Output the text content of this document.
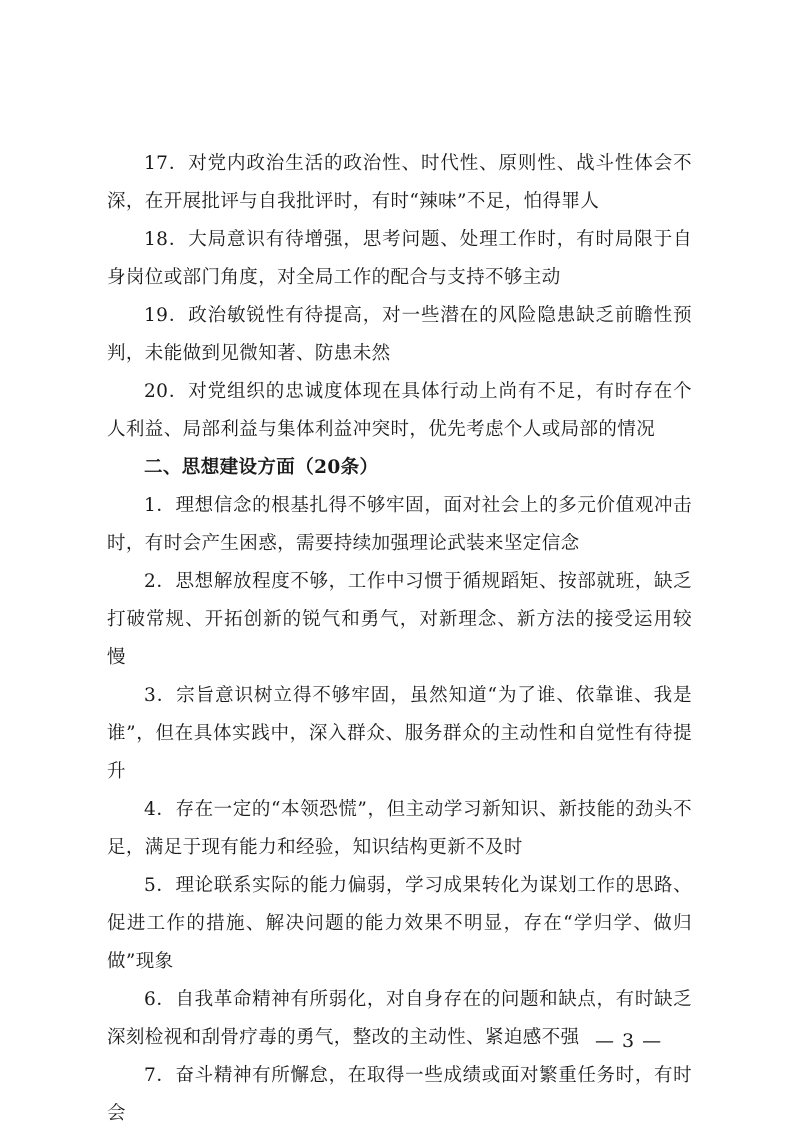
17．对党内政治生活的政治性、时代性、原则性、战斗性体会不深，在开展批评与自我批评时，有时“辣味”不足，怕得罪人

18．大局意识有待增强，思考问题、处理工作时，有时局限于自身岗位或部门角度，对全局工作的配合与支持不够主动

19．政治敏锐性有待提高，对一些潜在的风险隐患缺乏前瞻性预判，未能做到见微知著、防患未然

20．对党组织的忠诚度体现在具体行动上尚有不足，有时存在个人利益、局部利益与集体利益冲突时，优先考虑个人或局部的情况

二、思想建设方面（20条）

1．理想信念的根基扎得不够牢固，面对社会上的多元价值观冲击时，有时会产生困惑，需要持续加强理论武装来坚定信念

2．思想解放程度不够，工作中习惯于循规蹈矩、按部就班，缺乏打破常规、开拓创新的锐气和勇气，对新理念、新方法的接受运用较慢

3．宗旨意识树立得不够牢固，虽然知道“为了谁、依靠谁、我是谁”，但在具体实践中，深入群众、服务群众的主动性和自觉性有待提升

4．存在一定的“本领恐慌”，但主动学习新知识、新技能的劲头不足，满足于现有能力和经验，知识结构更新不及时

5．理论联系实际的能力偏弱，学习成果转化为谋划工作的思路、促进工作的措施、解决问题的能力效果不明显，存在“学归学、做归做”现象

6．自我革命精神有所弱化，对自身存在的问题和缺点，有时缺乏深刻检视和刮骨疗毒的勇气，整改的主动性、紧迫感不强

7．奋斗精神有所懈怠，在取得一些成绩或面对繁重任务时，有时会

— 3 —
